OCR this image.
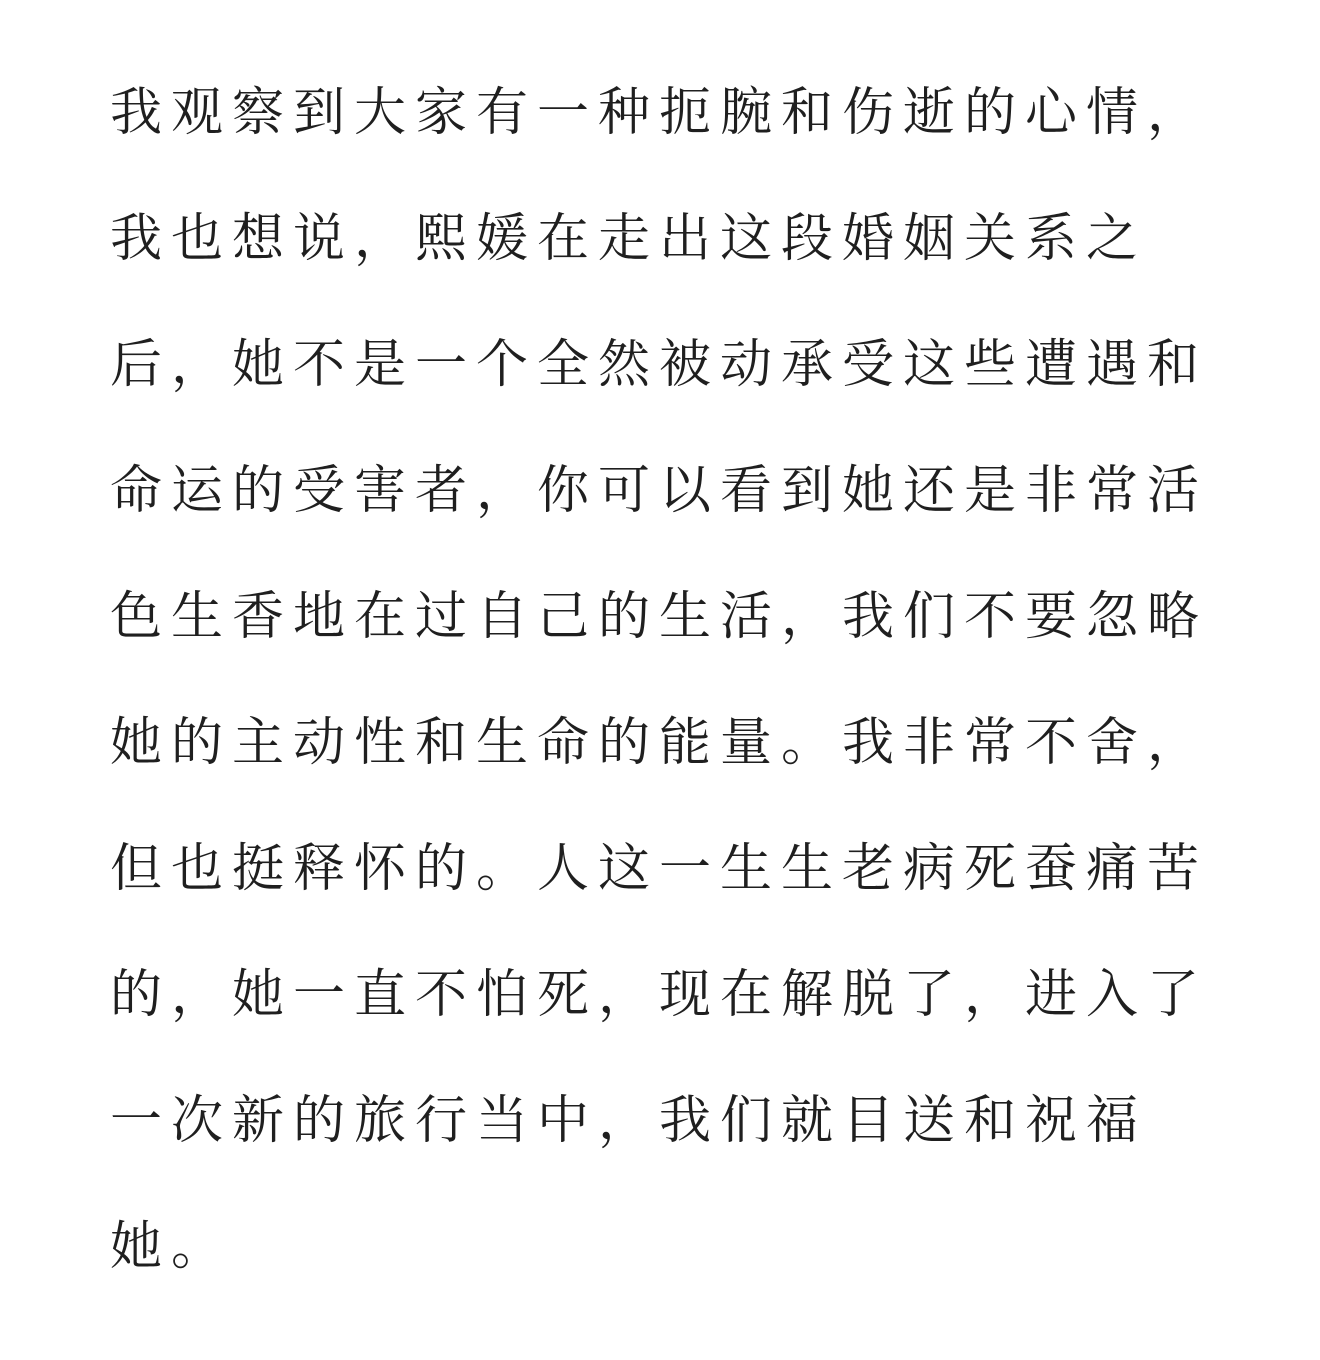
我观察到大家有一种扼腕和伤逝的心情，
我也想说，熙媛在走出这段婚姻关系之
后，她不是一个全然被动承受这些遭遇和
命运的受害者，你可以看到她还是非常活
色生香地在过自己的生活，我们不要忽略
她的主动性和生命的能量。我非常不舍，
但也挺释怀的。人这一生生老病死蚕痛苦
的，她一直不怕死，现在解脱了，进入了
一次新的旅行当中，我们就目送和祝福
她。
